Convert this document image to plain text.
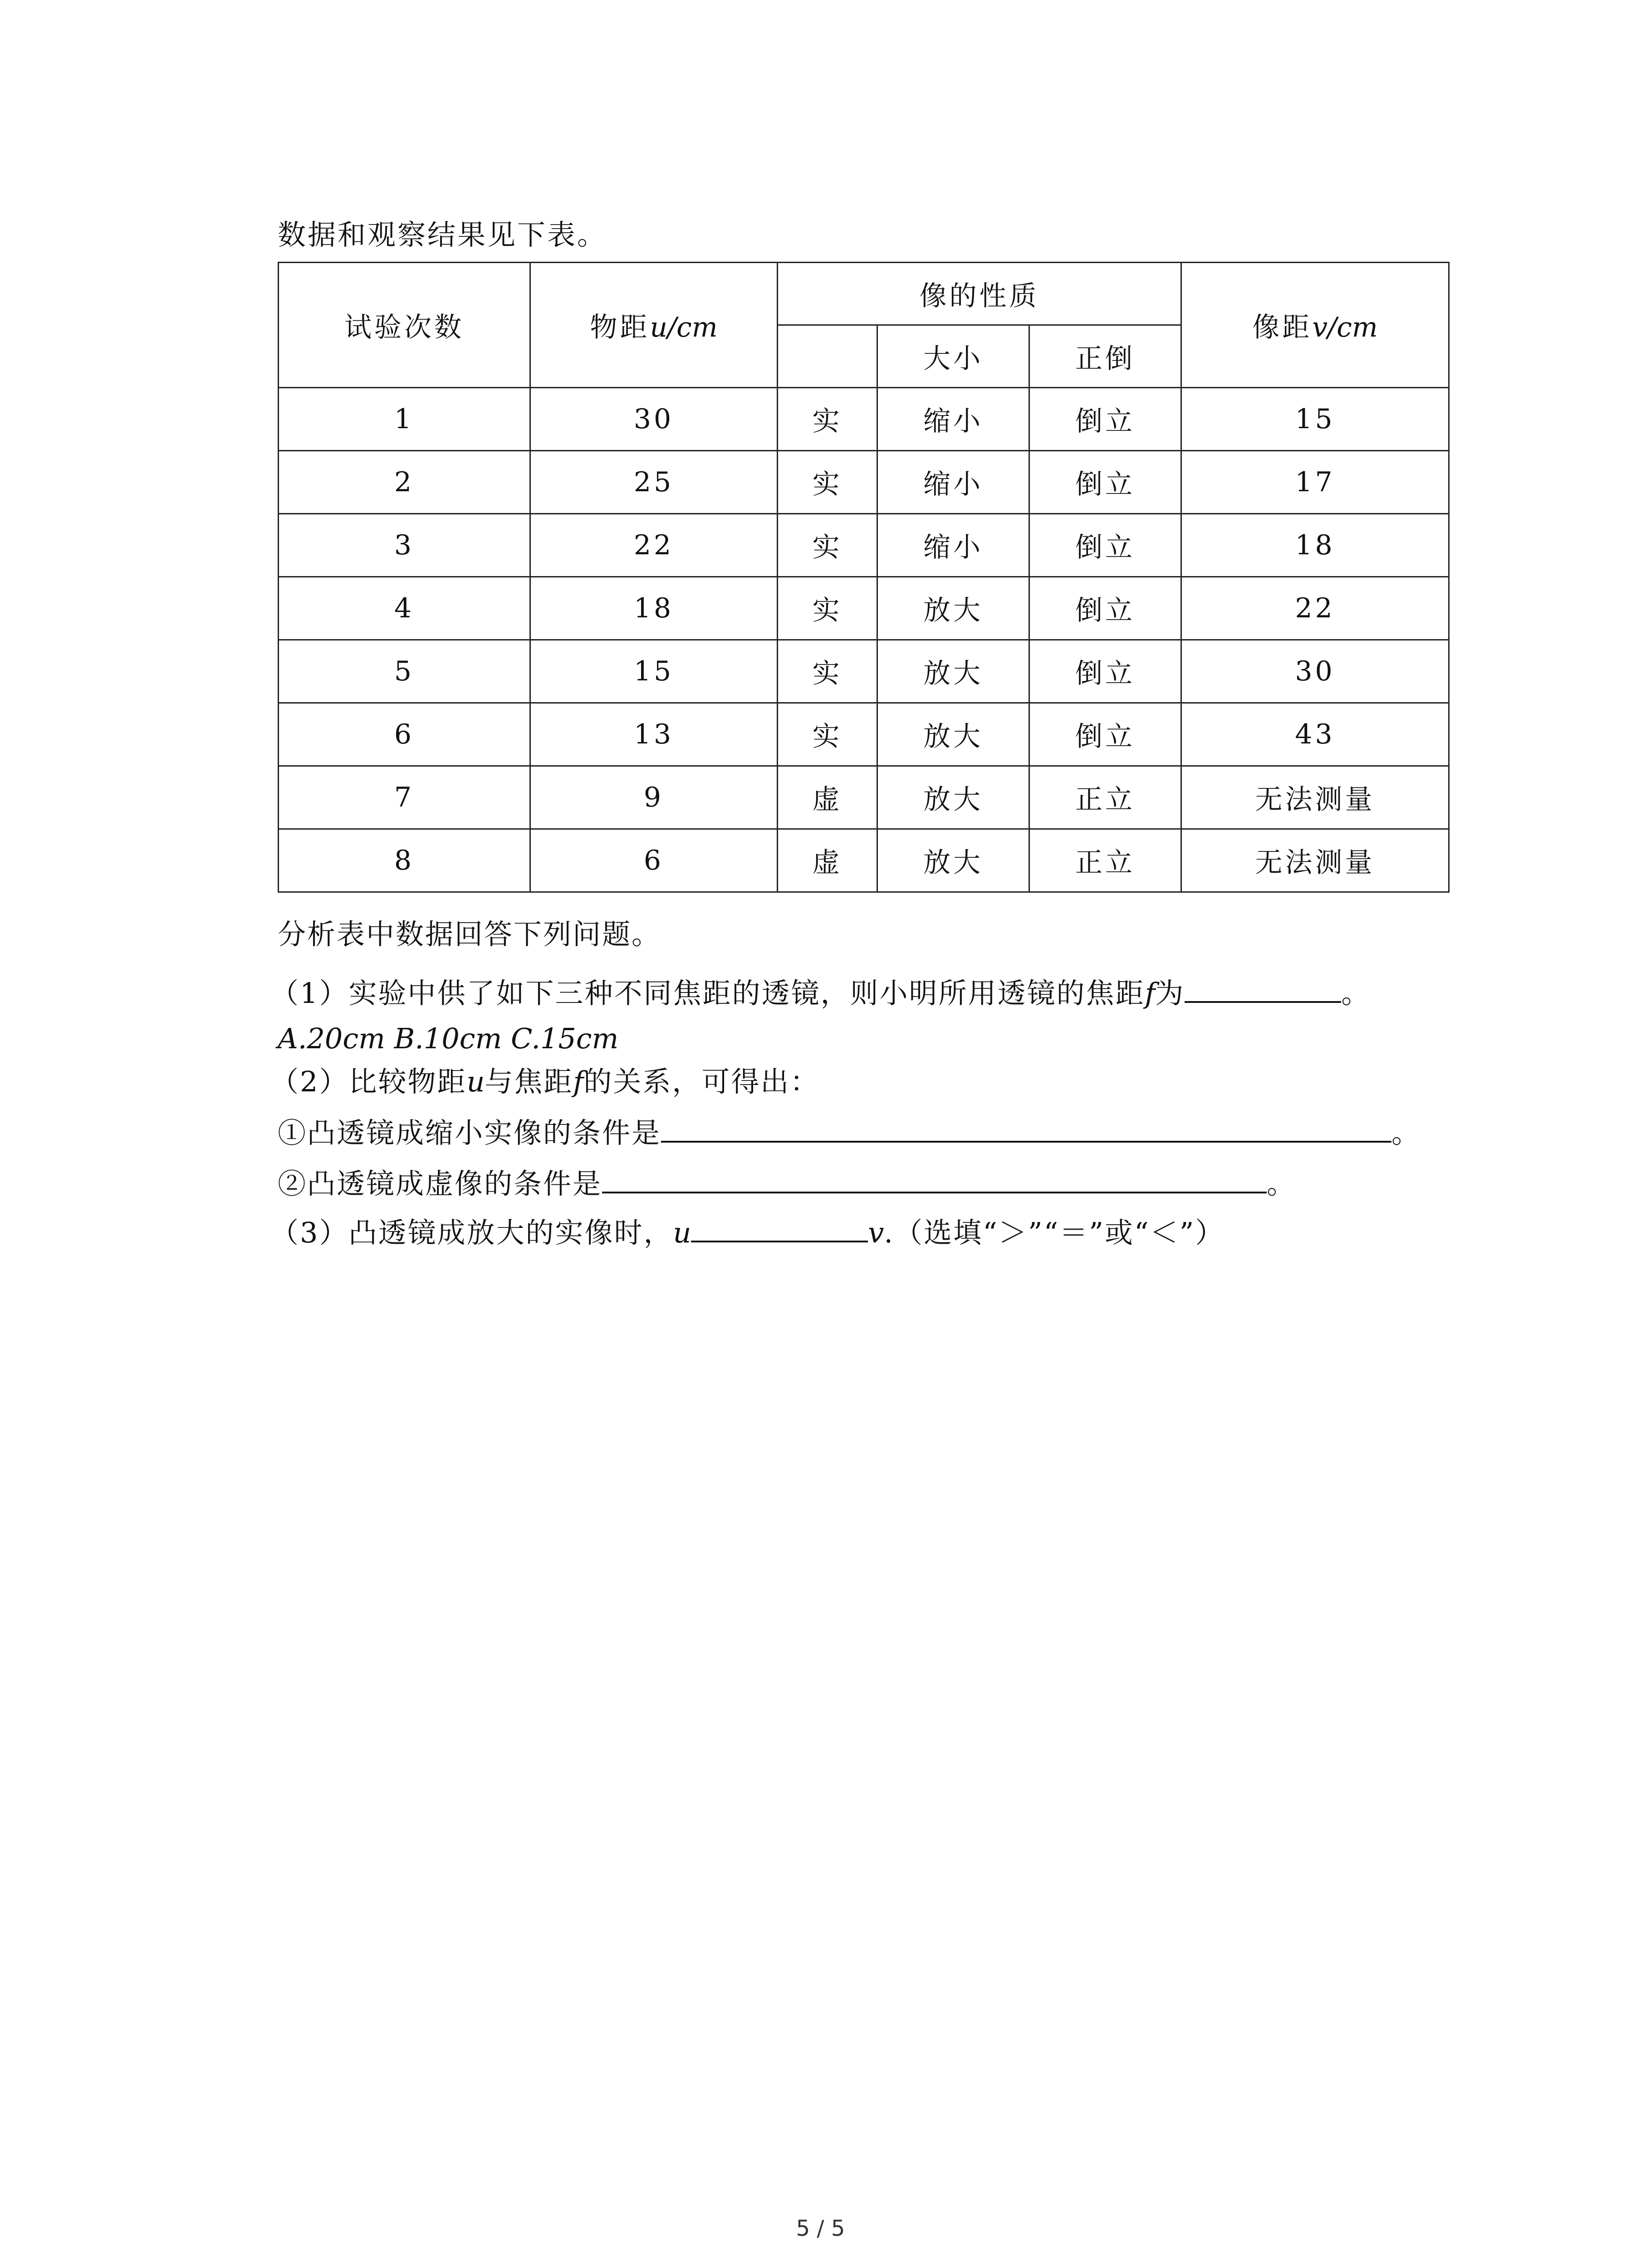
数据和观察结果见下表。
试验次数	物距u/cm	像的性质			像距v/cm
			大小	正倒	
1	30	实	缩小	倒立	15
2	25	实	缩小	倒立	17
3	22	实	缩小	倒立	18
4	18	实	放大	倒立	22
5	15	实	放大	倒立	30
6	13	实	放大	倒立	43
7	9	虚	放大	正立	无法测量
8	6	虚	放大	正立	无法测量
分析表中数据回答下列问题。
（1）实验中供了如下三种不同焦距的透镜，则小明所用透镜的焦距f为	。
A.20cm B.10cm C.15cm
（2）比较物距u与焦距f的关系，可得出：
①凸透镜成缩小实像的条件是	。
②凸透镜成虚像的条件是	。
（3）凸透镜成放大的实像时，u	v.（选填“＞”“＝”或“＜”）
5 / 5
